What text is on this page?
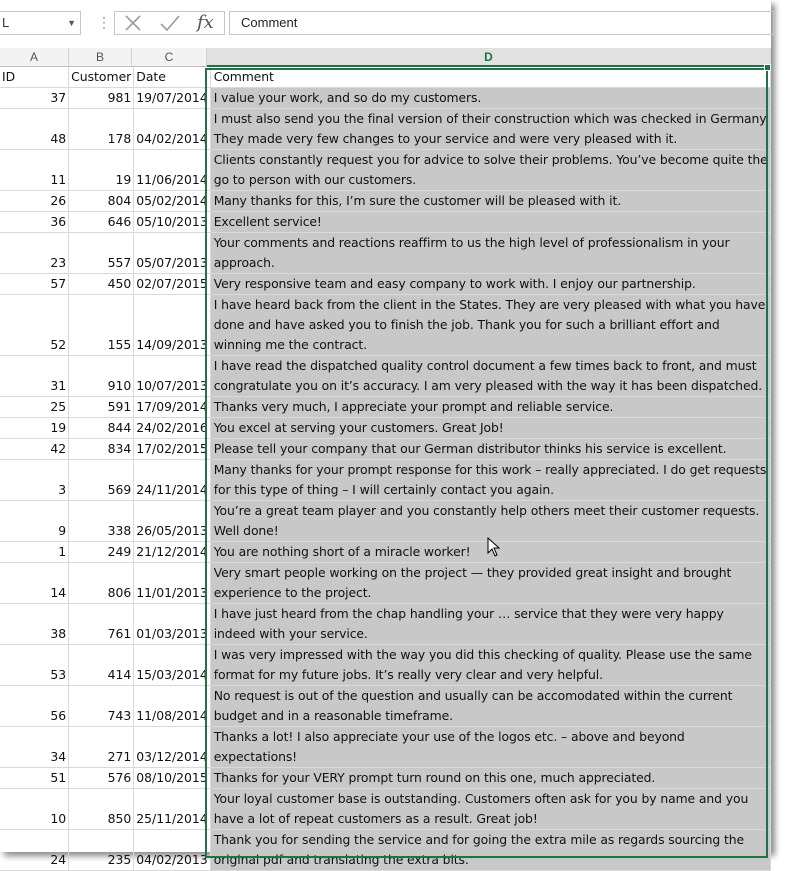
L	▼ ⋮	fx	Comment
A	B	C	D
ID	Customer	Date	Comment
37	981	19/07/2014	I value your work, and so do my customers.
48	178	04/02/2014	I must also send you the final version of their construction which was checked in Germany. They made very few changes to your service and were very pleased with it.
11	19	11/06/2014	Clients constantly request you for advice to solve their problems. You’ve become quite the go to person with our customers.
26	804	05/02/2014	Many thanks for this, I’m sure the customer will be pleased with it.
36	646	05/10/2013	Excellent service!
23	557	05/07/2013	Your comments and reactions reaffirm to us the high level of professionalism in your approach.
57	450	02/07/2015	Very responsive team and easy company to work with. I enjoy our partnership.
52	155	14/09/2013	I have heard back from the client in the States. They are very pleased with what you have done and have asked you to finish the job. Thank you for such a brilliant effort and winning me the contract.
31	910	10/07/2013	I have read the dispatched quality control document a few times back to front, and must congratulate you on it’s accuracy. I am very pleased with the way it has been dispatched.
25	591	17/09/2014	Thanks very much, I appreciate your prompt and reliable service.
19	844	24/02/2016	You excel at serving your customers. Great Job!
42	834	17/02/2015	Please tell your company that our German distributor thinks his service is excellent.
3	569	24/11/2014	Many thanks for your prompt response for this work – really appreciated. I do get requests for this type of thing – I will certainly contact you again.
9	338	26/05/2013	You’re a great team player and you constantly help others meet their customer requests. Well done!
1	249	21/12/2014	You are nothing short of a miracle worker!
14	806	11/01/2013	Very smart people working on the project — they provided great insight and brought experience to the project.
38	761	01/03/2013	I have just heard from the chap handling your … service that they were very happy indeed with your service.
53	414	15/03/2014	I was very impressed with the way you did this checking of quality. Please use the same format for my future jobs. It’s really very clear and very helpful.
56	743	11/08/2014	No request is out of the question and usually can be accomodated within the current budget and in a reasonable timeframe.
34	271	03/12/2014	Thanks a lot! I also appreciate your use of the logos etc. – above and beyond expectations!
51	576	08/10/2015	Thanks for your VERY prompt turn round on this one, much appreciated.
10	850	25/11/2014	Your loyal customer base is outstanding. Customers often ask for you by name and you have a lot of repeat customers as a result. Great job!
24	235	04/02/2013	Thank you for sending the service and for going the extra mile as regards sourcing the original pdf and translating the extra bits.
